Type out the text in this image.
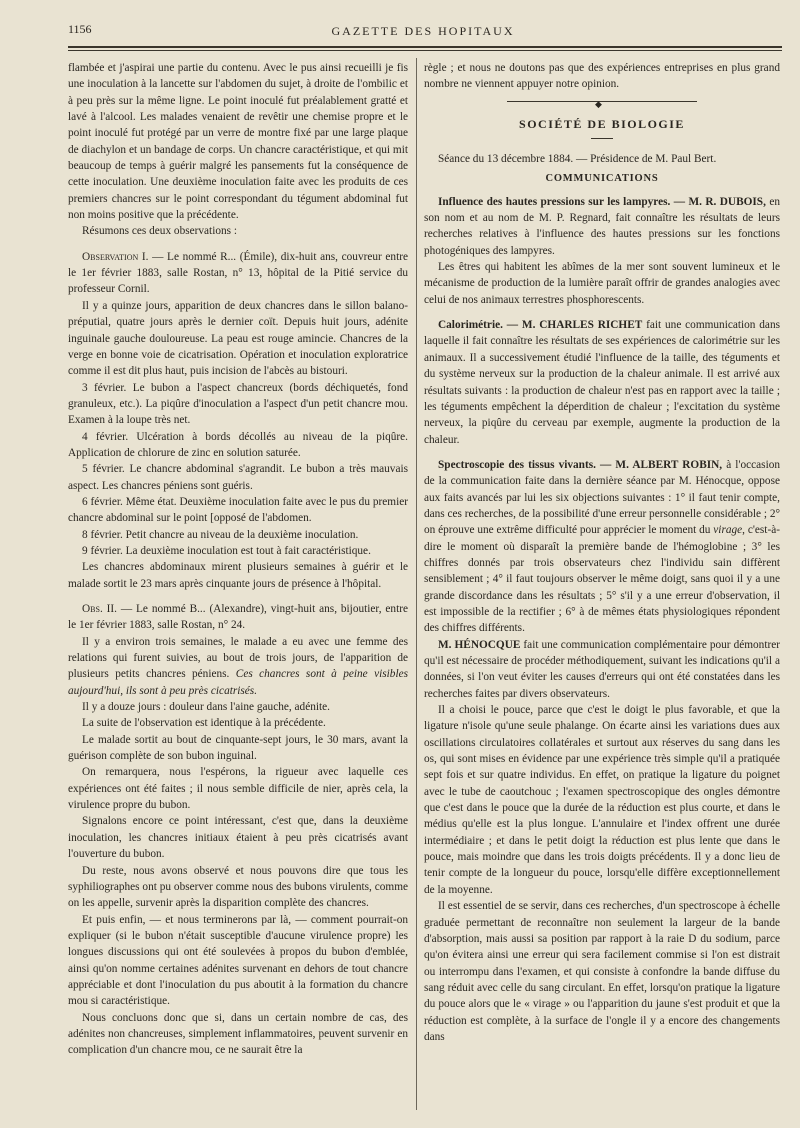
1156	GAZETTE DES HOPITAUX

flambée et j'aspirai une partie du contenu. Avec le pus ainsi recueilli je fis une inoculation à la lancette sur l'abdomen du sujet, à droite de l'ombilic et à peu près sur la même ligne. Le point inoculé fut préalablement gratté et lavé à l'alcool. Les malades venaient de revêtir une chemise propre et le point inoculé fut protégé par un verre de montre fixé par une large plaque de diachylon et un bandage de corps. Un chancre caractéristique, et qui mit beaucoup de temps à guérir malgré les pansements fut la conséquence de cette inoculation. Une deuxième inoculation faite avec les produits de ces premiers chancres sur le point correspondant du tégument abdominal fut non moins positive que la précédente.

Résumons ces deux observations :

Observation I. — Le nommé R... (Émile), dix-huit ans, couvreur entre le 1er février 1883, salle Rostan, n° 13, hôpital de la Pitié service du professeur Cornil.

Il y a quinze jours, apparition de deux chancres dans le sillon balano-préputial, quatre jours après le dernier coït. Depuis huit jours, adénite inguinale gauche douloureuse. La peau est rouge amincie. Chancres de la verge en bonne voie de cicatrisation. Opération et inoculation exploratrice comme il est dit plus haut, puis incision de l'abcès au bistouri.

3 février. Le bubon a l'aspect chancreux (bords déchiquetés, fond granuleux, etc.). La piqûre d'inoculation a l'aspect d'un petit chancre mou. Examen à la loupe très net.

4 février. Ulcération à bords décollés au niveau de la piqûre. Application de chlorure de zinc en solution saturée.

5 février. Le chancre abdominal s'agrandit. Le bubon a très mauvais aspect. Les chancres péniens sont guéris.

6 février. Même état. Deuxième inoculation faite avec le pus du premier chancre abdominal sur le point [opposé de l'abdomen.

8 février. Petit chancre au niveau de la deuxième inoculation.

9 février. La deuxième inoculation est tout à fait caractéristique.

Les chancres abdominaux mirent plusieurs semaines à guérir et le malade sortit le 23 mars après cinquante jours de présence à l'hôpital.

Obs. II. — Le nommé B... (Alexandre), vingt-huit ans, bijoutier, entre le 1er février 1883, salle Rostan, n° 24.

Il y a environ trois semaines, le malade a eu avec une femme des relations qui furent suivies, au bout de trois jours, de l'apparition de plusieurs petits chancres péniens. Ces chancres sont à peine visibles aujourd'hui, ils sont à peu près cicatrisés.

Il y a douze jours : douleur dans l'aine gauche, adénite.

La suite de l'observation est identique à la précédente.

Le malade sortit au bout de cinquante-sept jours, le 30 mars, avant la guérison complète de son bubon inguinal.

On remarquera, nous l'espérons, la rigueur avec laquelle ces expériences ont été faites ; il nous semble difficile de nier, après cela, la virulence propre du bubon.

Signalons encore ce point intéressant, c'est que, dans la deuxième inoculation, les chancres initiaux étaient à peu près cicatrisés avant l'ouverture du bubon.

Du reste, nous avons observé et nous pouvons dire que tous les syphiliographes ont pu observer comme nous des bubons virulents, comme on les appelle, survenir après la disparition complète des chancres.

Et puis enfin, — et nous terminerons par là, — comment pourrait-on expliquer (si le bubon n'était susceptible d'aucune virulence propre) les longues discussions qui ont été soulevées à propos du bubon d'emblée, ainsi qu'on nomme certaines adénites survenant en dehors de tout chancre appréciable et dont l'inoculation du pus aboutit à la formation du chancre mou si caractéristique.

Nous concluons donc que si, dans un certain nombre de cas, des adénites non chancreuses, simplement inflammatoires, peuvent survenir en complication d'un chancre mou, ce ne saurait être la

règle ; et nous ne doutons pas que des expériences entreprises en plus grand nombre ne viennent appuyer notre opinion.

◆
SOCIÉTÉ DE BIOLOGIE

Séance du 13 décembre 1884. — Présidence de M. Paul Bert.

COMMUNICATIONS

Influence des hautes pressions sur les lampyres. — M. R. DUBOIS, en son nom et au nom de M. P. Regnard, fait connaître les résultats de leurs recherches relatives à l'influence des hautes pressions sur les fonctions photogéniques des lampyres.

Les êtres qui habitent les abîmes de la mer sont souvent lumineux et le mécanisme de production de la lumière paraît offrir de grandes analogies avec celui de nos animaux terrestres phosphorescents.

Calorimétrie. — M. CHARLES RICHET fait une communication dans laquelle il fait connaître les résultats de ses expériences de calorimétrie sur les animaux. Il a successivement étudié l'influence de la taille, des téguments et du système nerveux sur la production de la chaleur animale. Il est arrivé aux résultats suivants : la production de chaleur n'est pas en rapport avec la taille ; les téguments empêchent la déperdition de chaleur ; l'excitation du système nerveux, la piqûre du cerveau par exemple, augmente la production de la chaleur.

Spectroscopie des tissus vivants. — M. ALBERT ROBIN, à l'occasion de la communication faite dans la dernière séance par M. Hénocque, oppose aux faits avancés par lui les six objections suivantes : 1° il faut tenir compte, dans ces recherches, de la possibilité d'une erreur personnelle considérable ; 2° on éprouve une extrême difficulté pour apprécier le moment du virage, c'est-à-dire le moment où disparaît la première bande de l'hémoglobine ; 3° les chiffres donnés par trois observateurs chez l'individu sain diffèrent sensiblement ; 4° il faut toujours observer le même doigt, sans quoi il y a une grande discordance dans les résultats ; 5° s'il y a une erreur d'observation, il est impossible de la rectifier ; 6° à de mêmes états physiologiques répondent des chiffres différents.

M. HÉNOCQUE fait une communication complémentaire pour démontrer qu'il est nécessaire de procéder méthodiquement, suivant les indications qu'il a données, si l'on veut éviter les causes d'erreurs qui ont été constatées dans les recherches faites par divers observateurs.

Il a choisi le pouce, parce que c'est le doigt le plus favorable, et que la ligature n'isole qu'une seule phalange. On écarte ainsi les variations dues aux oscillations circulatoires collatérales et surtout aux réserves du sang dans les os, qui sont mises en évidence par une expérience très simple qu'il a pratiquée sept fois et sur quatre individus. En effet, on pratique la ligature du poignet avec le tube de caoutchouc ; l'examen spectroscopique des ongles démontre que c'est dans le pouce que la durée de la réduction est plus courte, et dans le médius qu'elle est la plus longue. L'annulaire et l'index offrent une durée intermédiaire ; et dans le petit doigt la réduction est plus lente que dans le pouce, mais moindre que dans les trois doigts précédents. Il y a donc lieu de tenir compte de la longueur du pouce, lorsqu'elle diffère exceptionnellement de la moyenne.

Il est essentiel de se servir, dans ces recherches, d'un spectroscope à échelle graduée permettant de reconnaître non seulement la largeur de la bande d'absorption, mais aussi sa position par rapport à la raie D du sodium, parce qu'on évitera ainsi une erreur qui sera facilement commise si l'on est distrait ou interrompu dans l'examen, et qui consiste à confondre la bande diffuse du sang réduit avec celle du sang circulant. En effet, lorsqu'on pratique la ligature du pouce alors que le « virage » ou l'apparition du jaune s'est produit et que la réduction est complète, à la surface de l'ongle il y a encore des changements dans
